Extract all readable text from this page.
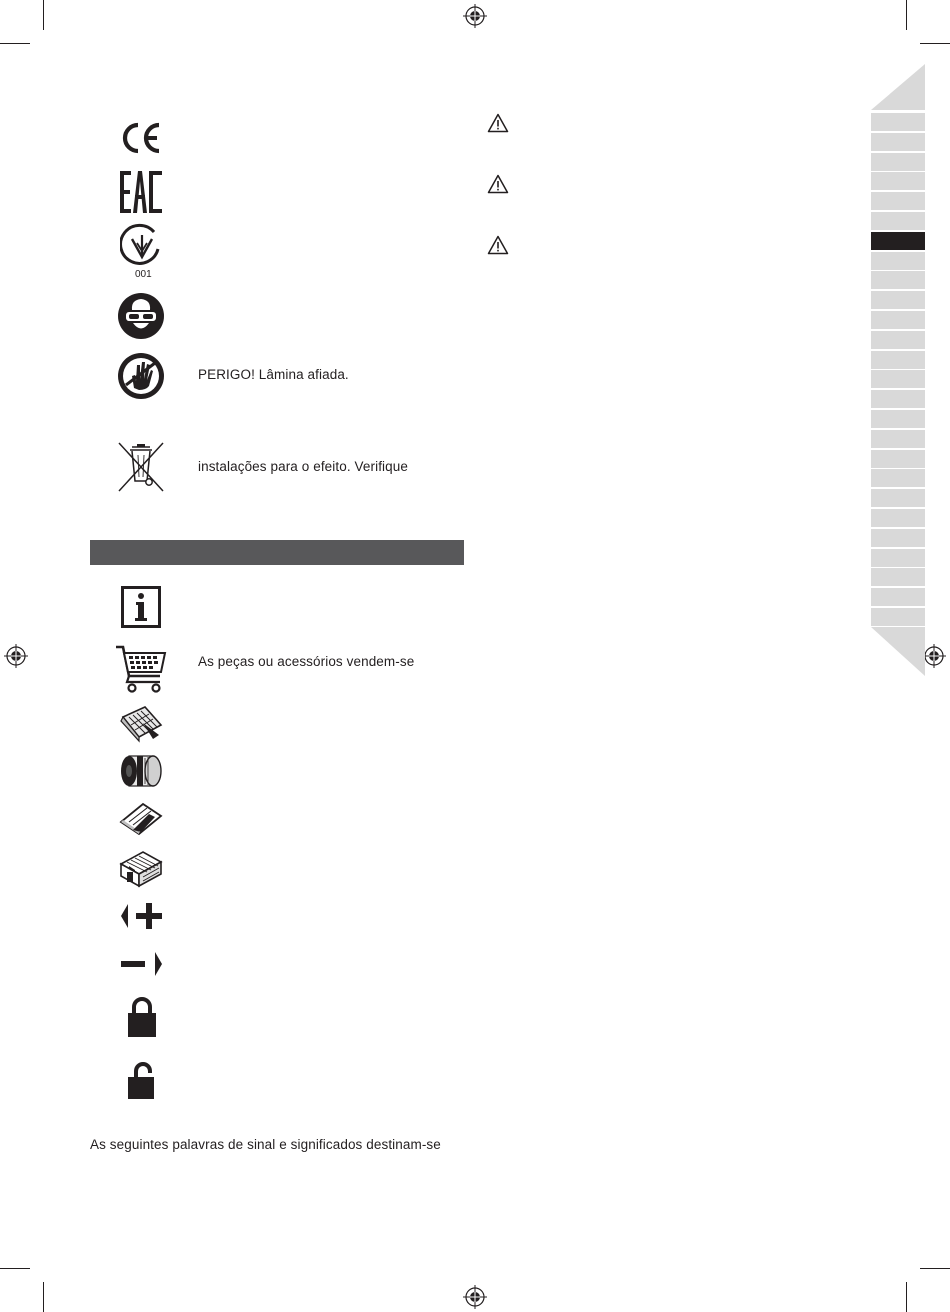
001
PERIGO! Lâmina afiada.
instalações para o efeito. Verifique
As peças ou acessórios vendem-se
As seguintes palavras de sinal e significados destinam-se
